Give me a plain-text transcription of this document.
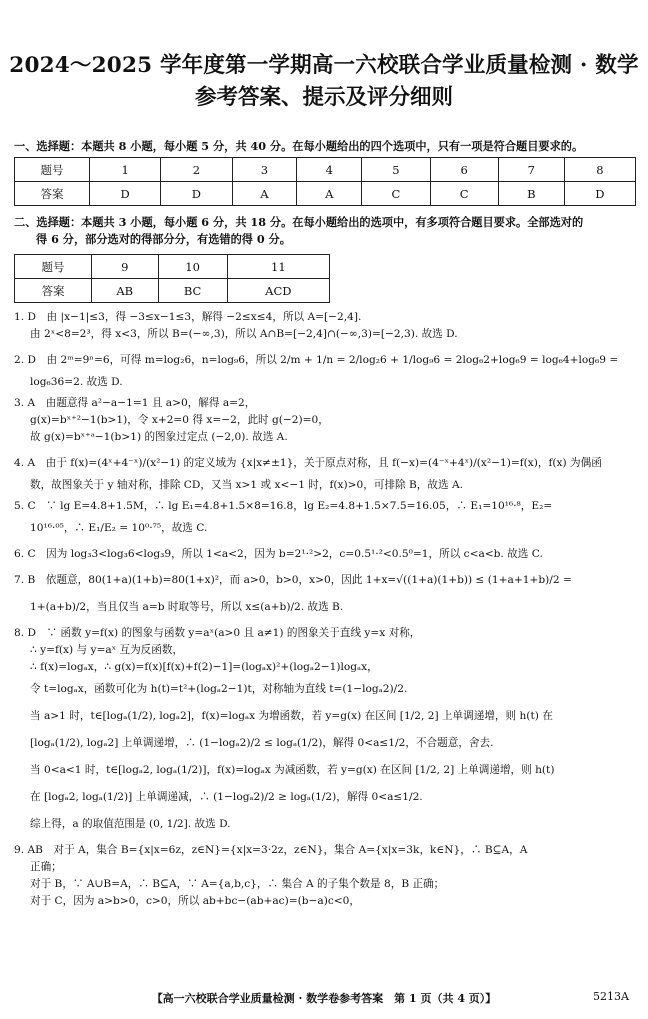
2024～2025 学年度第一学期高一六校联合学业质量检测 · 数学
参考答案、提示及评分细则
一、选择题：本题共 8 小题，每小题 5 分，共 40 分。在每小题给出的四个选项中，只有一项是符合题目要求的。
题号	1	2	3	4	5	6	7	8
答案	D	D	A	A	C	C	B	D
二、选择题：本题共 3 小题，每小题 6 分，共 18 分。在每小题给出的选项中，有多项符合题目要求。全部选对的
得 6 分，部分选对的得部分分，有选错的得 0 分。
题号	9	10	11
答案	AB	BC	ACD
1. D　由 |x−1|≤3，得 −3≤x−1≤3，解得 −2≤x≤4，所以 A=[−2,4].
由 2ˣ<8=2³，得 x<3，所以 B=(−∞,3)，所以 A∩B=[−2,4]∩(−∞,3)=[−2,3). 故选 D.
2. D　由 2ᵐ=9ⁿ=6，可得 m=log₂6，n=log₉6，所以 2/m + 1/n = 2/log₂6 + 1/log₉6 = 2log₆2+log₆9 = log₆4+log₆9 =
log₆36=2. 故选 D.
3. A　由题意得 a²−a−1=1 且 a>0，解得 a=2，
g(x)=bˣ⁺²−1(b>1)，令 x+2=0 得 x=−2，此时 g(−2)=0，
故 g(x)=bˣ⁺ᵃ−1(b>1) 的图象过定点 (−2,0). 故选 A.
4. A　由于 f(x)=(4ˣ+4⁻ˣ)/(x²−1) 的定义域为 {x|x≠±1}，关于原点对称，且 f(−x)=(4⁻ˣ+4ˣ)/(x²−1)=f(x)，f(x) 为偶函
数，故图象关于 y 轴对称，排除 CD，又当 x>1 或 x<−1 时，f(x)>0，可排除 B，故选 A.
5. C　∵ lg E=4.8+1.5M，∴ lg E₁=4.8+1.5×8=16.8，lg E₂=4.8+1.5×7.5=16.05，∴ E₁=10¹⁶·⁸，E₂=
10¹⁶·⁰⁵，∴ E₁/E₂ = 10⁰·⁷⁵，故选 C.
6. C　因为 log₃3<log₃6<log₃9，所以 1<a<2，因为 b=2¹·²>2，c=0.5¹·²<0.5⁰=1，所以 c<a<b. 故选 C.
7. B　依题意，80(1+a)(1+b)=80(1+x)²，而 a>0，b>0，x>0，因此 1+x=√((1+a)(1+b)) ≤ (1+a+1+b)/2 =
1+(a+b)/2，当且仅当 a=b 时取等号，所以 x≤(a+b)/2. 故选 B.
8. D　∵ 函数 y=f(x) 的图象与函数 y=aˣ(a>0 且 a≠1) 的图象关于直线 y=x 对称，
∴ y=f(x) 与 y=aˣ 互为反函数，
∴ f(x)=logₐx，∴ g(x)=f(x)[f(x)+f(2)−1]=(logₐx)²+(logₐ2−1)logₐx，
令 t=logₐx，函数可化为 h(t)=t²+(logₐ2−1)t，对称轴为直线 t=(1−logₐ2)/2.
当 a>1 时，t∈[logₐ(1/2), logₐ2]，f(x)=logₐx 为增函数，若 y=g(x) 在区间 [1/2, 2] 上单调递增，则 h(t) 在
[logₐ(1/2), logₐ2] 上单调递增，∴ (1−logₐ2)/2 ≤ logₐ(1/2)，解得 0<a≤1/2，不合题意，舍去.
当 0<a<1 时，t∈[logₐ2, logₐ(1/2)]，f(x)=logₐx 为减函数，若 y=g(x) 在区间 [1/2, 2] 上单调递增，则 h(t)
在 [logₐ2, logₐ(1/2)] 上单调递减，∴ (1−logₐ2)/2 ≥ logₐ(1/2)，解得 0<a≤1/2.
综上得，a 的取值范围是 (0, 1/2]. 故选 D.
9. AB　对于 A，集合 B={x|x=6z，z∈N}={x|x=3·2z，z∈N}，集合 A={x|x=3k，k∈N}，∴ B⊆A，A
正确；
对于 B，∵ A∪B=A，∴ B⊆A，∵ A={a,b,c}，∴ 集合 A 的子集个数是 8，B 正确；
对于 C，因为 a>b>0，c>0，所以 ab+bc−(ab+ac)=(b−a)c<0，
【高一六校联合学业质量检测 · 数学卷参考答案　第 1 页（共 4 页）】	5213A
